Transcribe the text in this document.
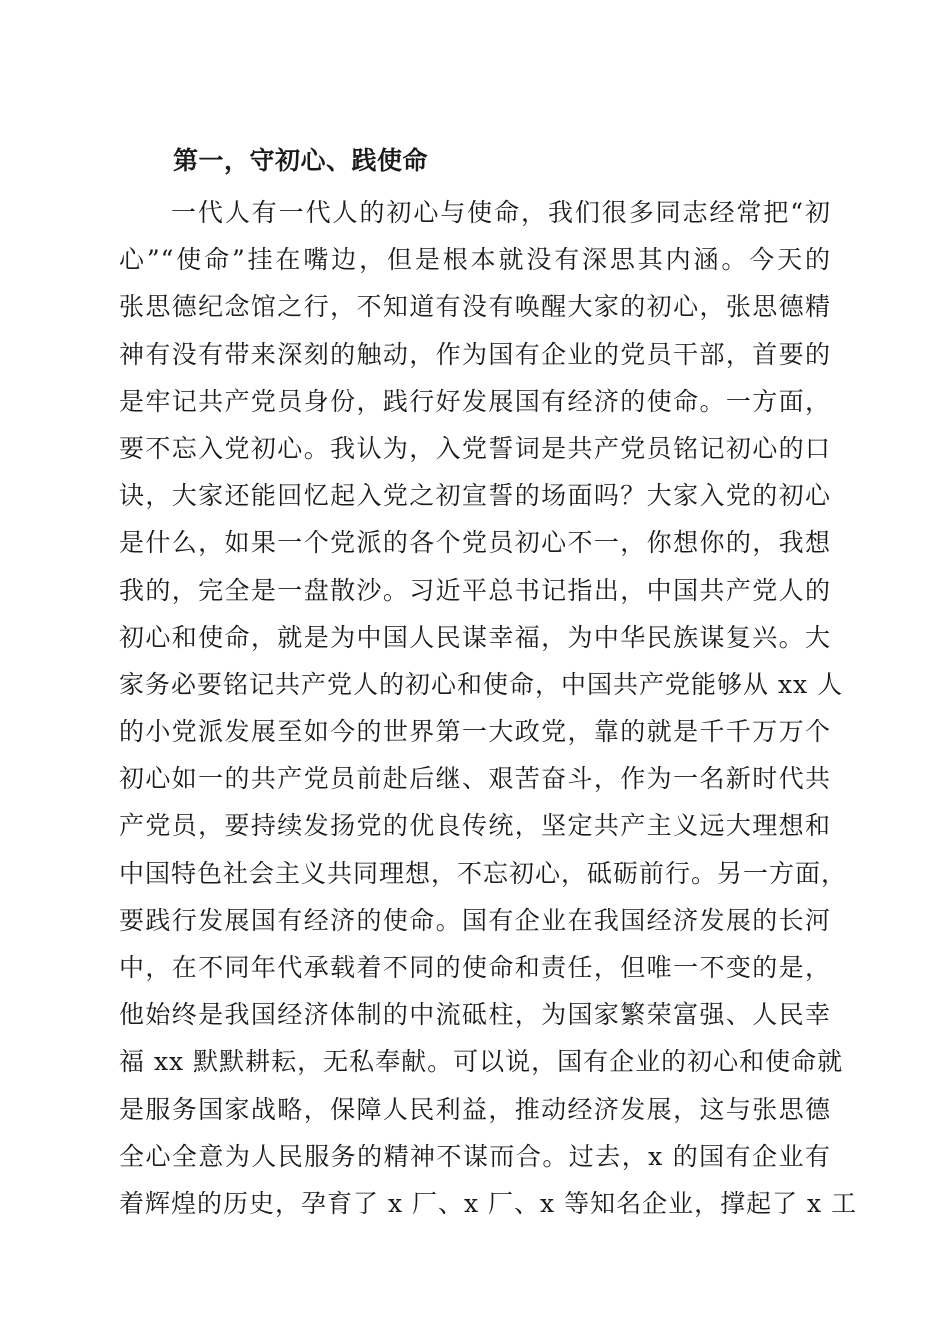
第一，守初心、践使命
一代人有一代人的初心与使命，我们很多同志经常把“初
心”“使命”挂在嘴边，但是根本就没有深思其内涵。今天的
张思德纪念馆之行，不知道有没有唤醒大家的初心，张思德精
神有没有带来深刻的触动，作为国有企业的党员干部，首要的
是牢记共产党员身份，践行好发展国有经济的使命。一方面，
要不忘入党初心。我认为，入党誓词是共产党员铭记初心的口
诀，大家还能回忆起入党之初宣誓的场面吗？大家入党的初心
是什么，如果一个党派的各个党员初心不一，你想你的，我想
我的，完全是一盘散沙。习近平总书记指出，中国共产党人的
初心和使命，就是为中国人民谋幸福，为中华民族谋复兴。大
家务必要铭记共产党人的初心和使命，中国共产党能够从 xx 人
的小党派发展至如今的世界第一大政党，靠的就是千千万万个
初心如一的共产党员前赴后继、艰苦奋斗，作为一名新时代共
产党员，要持续发扬党的优良传统，坚定共产主义远大理想和
中国特色社会主义共同理想，不忘初心，砥砺前行。另一方面，
要践行发展国有经济的使命。国有企业在我国经济发展的长河
中，在不同年代承载着不同的使命和责任，但唯一不变的是，
他始终是我国经济体制的中流砥柱，为国家繁荣富强、人民幸
福 xx 默默耕耘，无私奉献。可以说，国有企业的初心和使命就
是服务国家战略，保障人民利益，推动经济发展，这与张思德
全心全意为人民服务的精神不谋而合。过去，x 的国有企业有
着辉煌的历史，孕育了 x 厂、x 厂、x 等知名企业，撑起了 x 工
